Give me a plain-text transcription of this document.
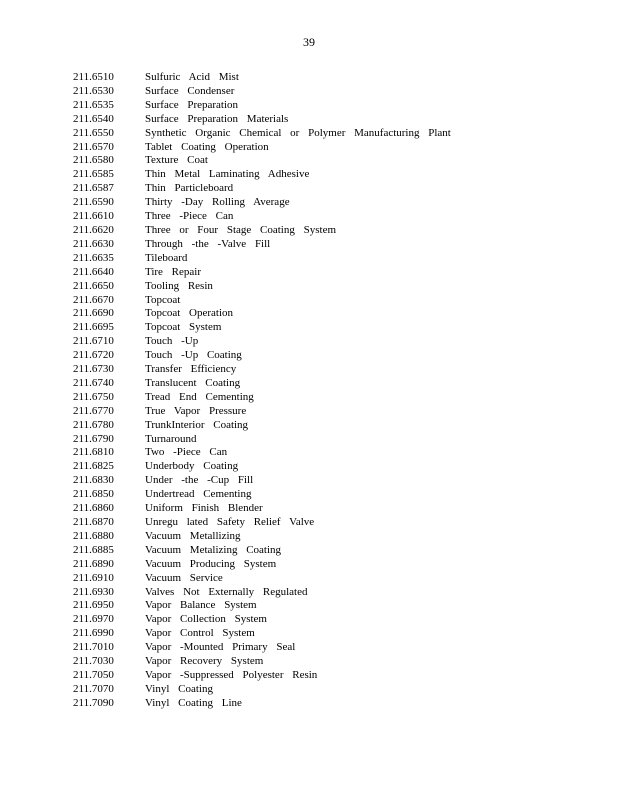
39
211.6510	Sulfuric Acid Mist
211.6530	Surface Condenser
211.6535	Surface Preparation
211.6540	Surface Preparation Materials
211.6550	Synthetic Organic Chemical or Polymer Manufacturing Plant
211.6570	Tablet Coating Operation
211.6580	Texture Coat
211.6585	Thin Metal Laminating Adhesive
211.6587	Thin Particleboard
211.6590	Thirty -Day Rolling Average
211.6610	Three -Piece Can
211.6620	Three or Four Stage Coating System
211.6630	Through -the -Valve Fill
211.6635	Tileboard
211.6640	Tire Repair
211.6650	Tooling Resin
211.6670	Topcoat
211.6690	Topcoat Operation
211.6695	Topcoat System
211.6710	Touch -Up
211.6720	Touch -Up Coating
211.6730	Transfer Efficiency
211.6740	Translucent Coating
211.6750	Tread End Cementing
211.6770	True Vapor Pressure
211.6780	TrunkInterior Coating
211.6790	Turnaround
211.6810	Two -Piece Can
211.6825	Underbody Coating
211.6830	Under -the -Cup Fill
211.6850	Undertread Cementing
211.6860	Uniform Finish Blender
211.6870	Unregu lated Safety Relief Valve
211.6880	Vacuum Metallizing
211.6885	Vacuum Metalizing Coating
211.6890	Vacuum Producing System
211.6910	Vacuum Service
211.6930	Valves Not Externally Regulated
211.6950	Vapor Balance System
211.6970	Vapor Collection System
211.6990	Vapor Control System
211.7010	Vapor -Mounted Primary Seal
211.7030	Vapor Recovery System
211.7050	Vapor -Suppressed Polyester Resin
211.7070	Vinyl Coating
211.7090	Vinyl Coating Line
